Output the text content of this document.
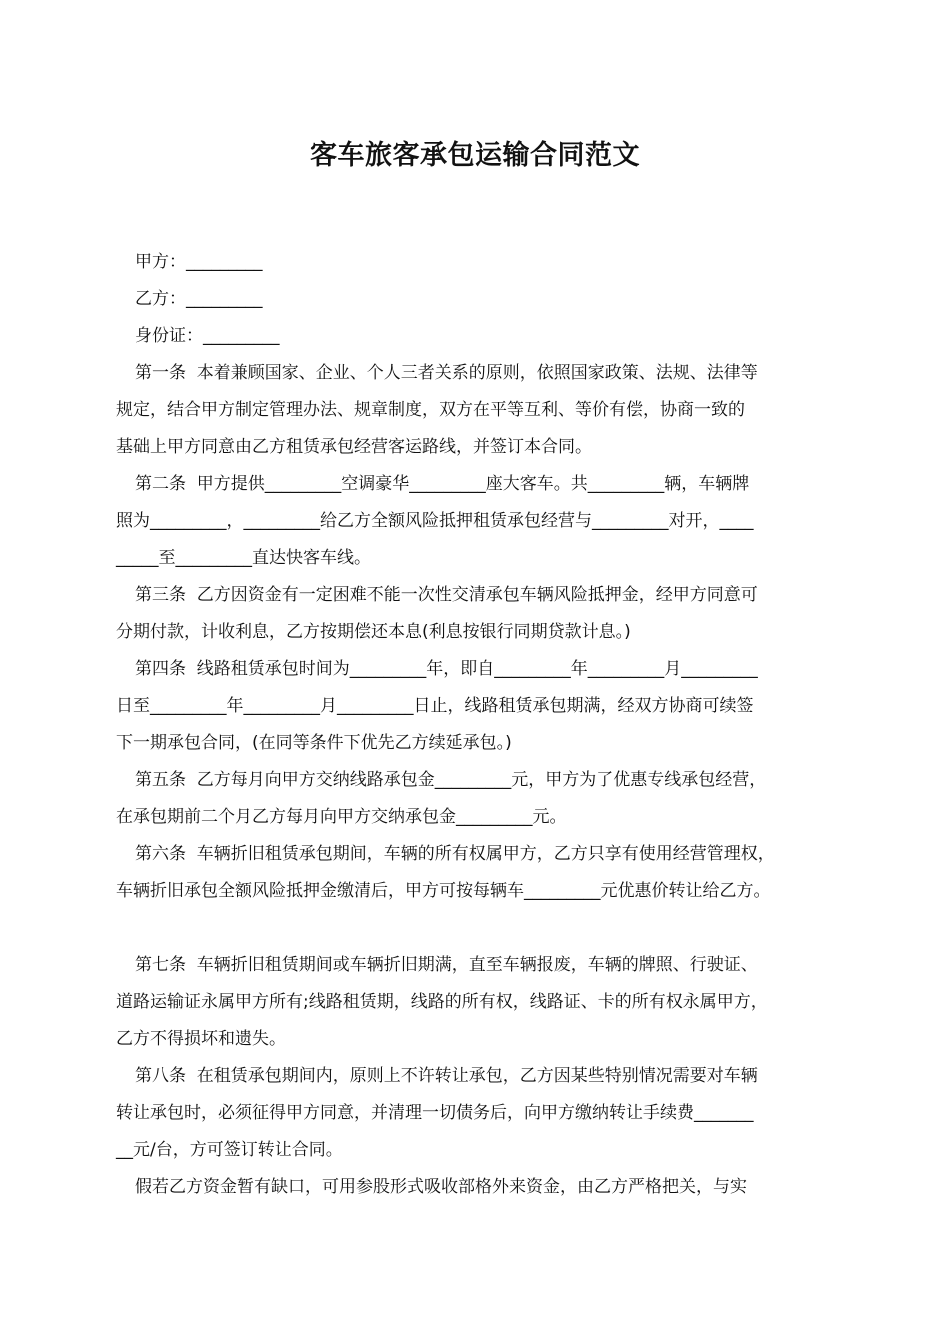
客车旅客承包运输合同范文
甲方：_________
乙方：_________
身份证：_________
第一条  本着兼顾国家、企业、个人三者关系的原则，依照国家政策、法规、法律等
规定，结合甲方制定管理办法、规章制度，双方在平等互利、等价有偿，协商一致的
基础上甲方同意由乙方租赁承包经营客运路线，并签订本合同。
第二条  甲方提供_________空调豪华_________座大客车。共_________辆，车辆牌
照为_________，_________给乙方全额风险抵押租赁承包经营与_________对开，____
_____至_________直达快客车线。
第三条  乙方因资金有一定困难不能一次性交清承包车辆风险抵押金，经甲方同意可
分期付款，计收利息，乙方按期偿还本息(利息按银行同期贷款计息。)
第四条  线路租赁承包时间为_________年，即自_________年_________月_________
日至_________年_________月_________日止，线路租赁承包期满，经双方协商可续签
下一期承包合同，(在同等条件下优先乙方续延承包。)
第五条  乙方每月向甲方交纳线路承包金_________元，甲方为了优惠专线承包经营，
在承包期前二个月乙方每月向甲方交纳承包金_________元。
第六条  车辆折旧租赁承包期间，车辆的所有权属甲方，乙方只享有使用经营管理权，
车辆折旧承包全额风险抵押金缴清后，甲方可按每辆车_________元优惠价转让给乙方。
第七条  车辆折旧租赁期间或车辆折旧期满，直至车辆报废，车辆的牌照、行驶证、
道路运输证永属甲方所有;线路租赁期，线路的所有权，线路证、卡的所有权永属甲方，
乙方不得损坏和遗失。
第八条  在租赁承包期间内，原则上不许转让承包，乙方因某些特别情况需要对车辆
转让承包时，必须征得甲方同意，并清理一切债务后，向甲方缴纳转让手续费_______
__元/台，方可签订转让合同。
假若乙方资金暂有缺口，可用参股形式吸收部格外来资金，由乙方严格把关，与实
